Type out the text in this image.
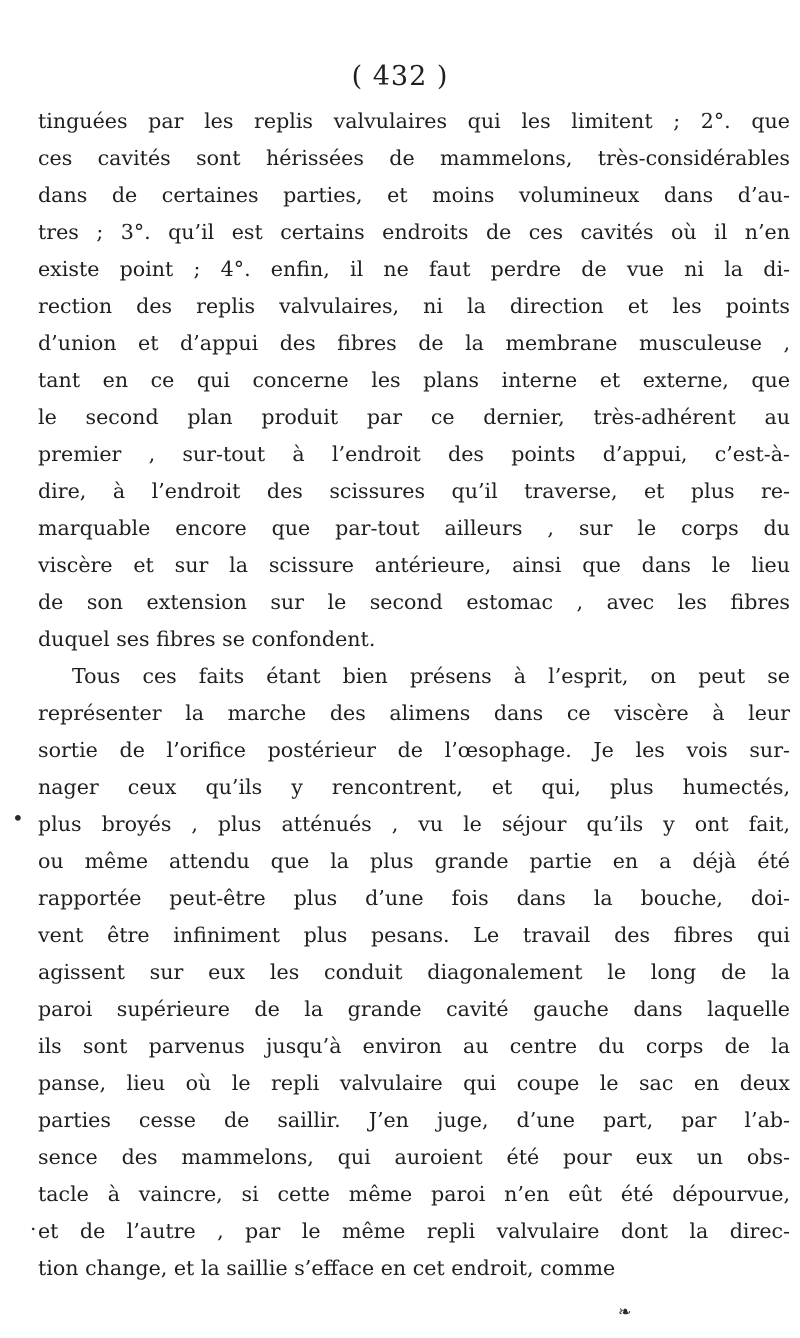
( 432 )
tinguées par les replis valvulaires qui les limitent ; 2°. que
ces cavités sont hérissées de mammelons, très-considérables
dans de certaines parties, et moins volumineux dans d’au-
tres ; 3°. qu’il est certains endroits de ces cavités où il n’en
existe point ; 4°. enfin, il ne faut perdre de vue ni la di-
rection des replis valvulaires, ni la direction et les points
d’union et d’appui des fibres de la membrane musculeuse ,
tant en ce qui concerne les plans interne et externe, que
le second plan produit par ce dernier, très-adhérent au
premier , sur-tout à l’endroit des points d’appui, c’est-à-
dire, à l’endroit des scissures qu’il traverse, et plus re-
marquable encore que par-tout ailleurs , sur le corps du
viscère et sur la scissure antérieure, ainsi que dans le lieu
de son extension sur le second estomac , avec les fibres
duquel ses fibres se confondent.
Tous ces faits étant bien présens à l’esprit, on peut se
représenter la marche des alimens dans ce viscère à leur
sortie de l’orifice postérieur de l’œsophage. Je les vois sur-
nager ceux qu’ils y rencontrent, et qui, plus humectés,
plus broyés , plus atténués , vu le séjour qu’ils y ont fait,
ou même attendu que la plus grande partie en a déjà été
rapportée peut-être plus d’une fois dans la bouche, doi-
vent être infiniment plus pesans. Le travail des fibres qui
agissent sur eux les conduit diagonalement le long de la
paroi supérieure de la grande cavité gauche dans laquelle
ils sont parvenus jusqu’à environ au centre du corps de la
panse, lieu où le repli valvulaire qui coupe le sac en deux
parties cesse de saillir. J’en juge, d’une part, par l’ab-
sence des mammelons, qui auroient été pour eux un obs-
tacle à vaincre, si cette même paroi n’en eût été dépourvue,
et de l’autre , par le même repli valvulaire dont la direc-
tion change, et la saillie s’efface en cet endroit, comme
•
.
❧
